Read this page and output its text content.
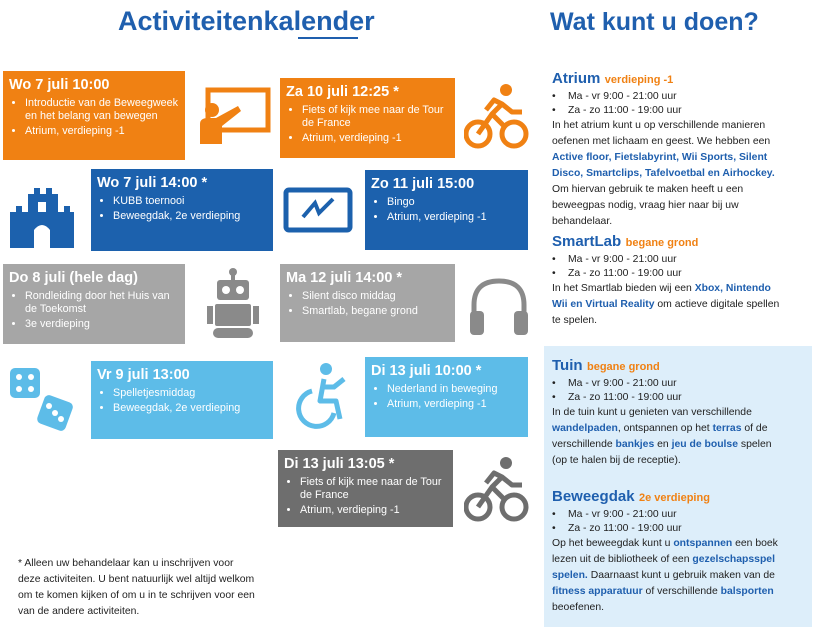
Activiteitenkalender	Wat kunt u doen?
Wo 7 juli 10:00
• Introductie van de Beweegweek en het belang van bewegen
• Atrium, verdieping -1
Za 10 juli 12:25 *
• Fiets of kijk mee naar de Tour de France
• Atrium, verdieping -1
Wo 7 juli 14:00 *
• KUBB toernooi
• Beweegdak, 2e verdieping
Zo 11 juli 15:00
• Bingo
• Atrium, verdieping -1
Do 8 juli (hele dag)
• Rondleiding door het Huis van de Toekomst
• 3e verdieping
Ma 12 juli 14:00 *
• Silent disco middag
• Smartlab, begane grond
Vr 9 juli 13:00
• Spelletjesmiddag
• Beweegdak, 2e verdieping
Di 13 juli 10:00 *
• Nederland in beweging
• Atrium, verdieping -1
Di 13 juli 13:05 *
• Fiets of kijk mee naar de Tour de France
• Atrium, verdieping -1
* Alleen uw behandelaar kan u inschrijven voor deze activiteiten. U bent natuurlijk wel altijd welkom om te komen kijken of om u in te schrijven voor een van de andere activiteiten.
Atrium verdieping -1
• Ma - vr 9:00 - 21:00 uur
• Za - zo 11:00 - 19:00 uur

In het atrium kunt u op verschillende manieren oefenen met lichaam en geest. We hebben een Active floor, Fietslabyrint, Wii Sports, Silent Disco, Smartclips, Tafelvoetbal en Airhockey. Om hiervan gebruik te maken heeft u een beweegpas nodig, vraag hier naar bij uw behandelaar.

SmartLab begane grond
• Ma - vr 9:00 - 21:00 uur
• Za - zo 11:00 - 19:00 uur

In het Smartlab bieden wij een Xbox, Nintendo Wii en Virtual Reality om actieve digitale spellen te spelen.

Tuin begane grond
• Ma - vr 9:00 - 21:00 uur
• Za - zo 11:00 - 19:00 uur

In de tuin kunt u genieten van verschillende wandelpaden, ontspannen op het terras of de verschillende bankjes en jeu de boulse spelen (op te halen bij de receptie).

Beweegdak 2e verdieping
• Ma - vr 9:00 - 21:00 uur
• Za - zo 11:00 - 19:00 uur

Op het beweegdak kunt u ontspannen een boek lezen uit de bibliotheek of een gezelschapsspel spelen. Daarnaast kunt u gebruik maken van de fitness apparatuur of verschillende balsporten beoefenen.
